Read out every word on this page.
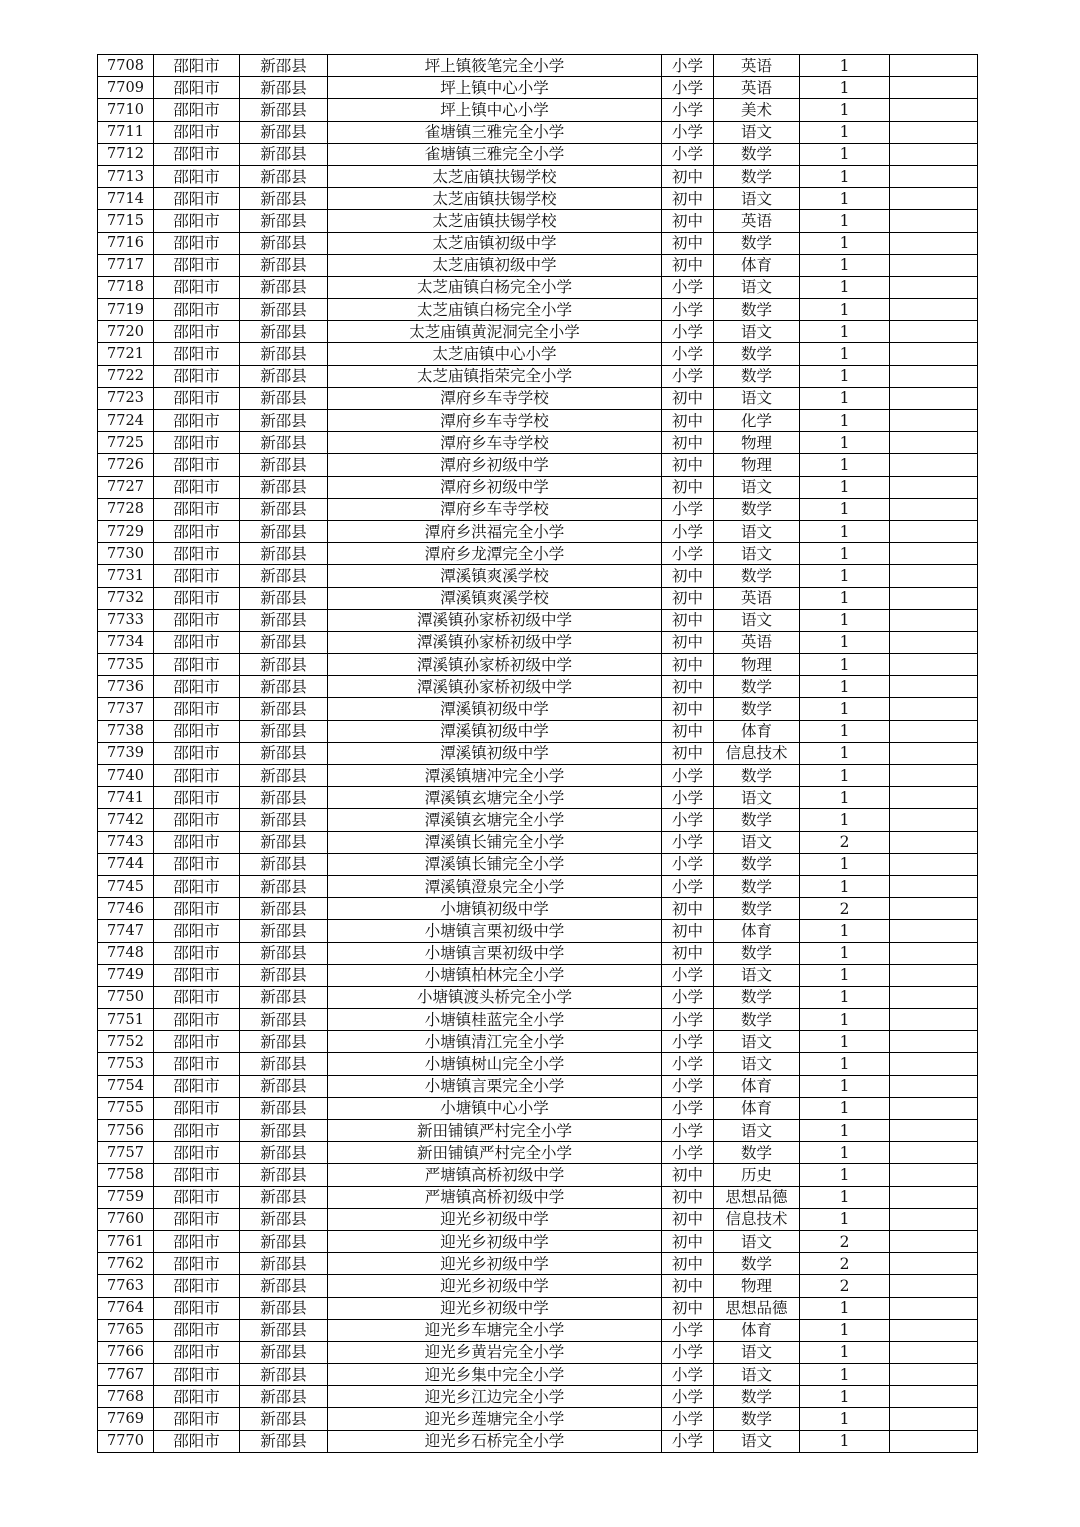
7708	邵阳市	新邵县	坪上镇筱笔完全小学	小学	英语	1	
7709	邵阳市	新邵县	坪上镇中心小学	小学	英语	1	
7710	邵阳市	新邵县	坪上镇中心小学	小学	美术	1	
7711	邵阳市	新邵县	雀塘镇三雅完全小学	小学	语文	1	
7712	邵阳市	新邵县	雀塘镇三雅完全小学	小学	数学	1	
7713	邵阳市	新邵县	太芝庙镇扶锡学校	初中	数学	1	
7714	邵阳市	新邵县	太芝庙镇扶锡学校	初中	语文	1	
7715	邵阳市	新邵县	太芝庙镇扶锡学校	初中	英语	1	
7716	邵阳市	新邵县	太芝庙镇初级中学	初中	数学	1	
7717	邵阳市	新邵县	太芝庙镇初级中学	初中	体育	1	
7718	邵阳市	新邵县	太芝庙镇白杨完全小学	小学	语文	1	
7719	邵阳市	新邵县	太芝庙镇白杨完全小学	小学	数学	1	
7720	邵阳市	新邵县	太芝庙镇黄泥洞完全小学	小学	语文	1	
7721	邵阳市	新邵县	太芝庙镇中心小学	小学	数学	1	
7722	邵阳市	新邵县	太芝庙镇指荣完全小学	小学	数学	1	
7723	邵阳市	新邵县	潭府乡车寺学校	初中	语文	1	
7724	邵阳市	新邵县	潭府乡车寺学校	初中	化学	1	
7725	邵阳市	新邵县	潭府乡车寺学校	初中	物理	1	
7726	邵阳市	新邵县	潭府乡初级中学	初中	物理	1	
7727	邵阳市	新邵县	潭府乡初级中学	初中	语文	1	
7728	邵阳市	新邵县	潭府乡车寺学校	小学	数学	1	
7729	邵阳市	新邵县	潭府乡洪福完全小学	小学	语文	1	
7730	邵阳市	新邵县	潭府乡龙潭完全小学	小学	语文	1	
7731	邵阳市	新邵县	潭溪镇爽溪学校	初中	数学	1	
7732	邵阳市	新邵县	潭溪镇爽溪学校	初中	英语	1	
7733	邵阳市	新邵县	潭溪镇孙家桥初级中学	初中	语文	1	
7734	邵阳市	新邵县	潭溪镇孙家桥初级中学	初中	英语	1	
7735	邵阳市	新邵县	潭溪镇孙家桥初级中学	初中	物理	1	
7736	邵阳市	新邵县	潭溪镇孙家桥初级中学	初中	数学	1	
7737	邵阳市	新邵县	潭溪镇初级中学	初中	数学	1	
7738	邵阳市	新邵县	潭溪镇初级中学	初中	体育	1	
7739	邵阳市	新邵县	潭溪镇初级中学	初中	信息技术	1	
7740	邵阳市	新邵县	潭溪镇塘冲完全小学	小学	数学	1	
7741	邵阳市	新邵县	潭溪镇玄塘完全小学	小学	语文	1	
7742	邵阳市	新邵县	潭溪镇玄塘完全小学	小学	数学	1	
7743	邵阳市	新邵县	潭溪镇长铺完全小学	小学	语文	2	
7744	邵阳市	新邵县	潭溪镇长铺完全小学	小学	数学	1	
7745	邵阳市	新邵县	潭溪镇澄泉完全小学	小学	数学	1	
7746	邵阳市	新邵县	小塘镇初级中学	初中	数学	2	
7747	邵阳市	新邵县	小塘镇言栗初级中学	初中	体育	1	
7748	邵阳市	新邵县	小塘镇言栗初级中学	初中	数学	1	
7749	邵阳市	新邵县	小塘镇柏林完全小学	小学	语文	1	
7750	邵阳市	新邵县	小塘镇渡头桥完全小学	小学	数学	1	
7751	邵阳市	新邵县	小塘镇桂蓝完全小学	小学	数学	1	
7752	邵阳市	新邵县	小塘镇清江完全小学	小学	语文	1	
7753	邵阳市	新邵县	小塘镇树山完全小学	小学	语文	1	
7754	邵阳市	新邵县	小塘镇言栗完全小学	小学	体育	1	
7755	邵阳市	新邵县	小塘镇中心小学	小学	体育	1	
7756	邵阳市	新邵县	新田铺镇严村完全小学	小学	语文	1	
7757	邵阳市	新邵县	新田铺镇严村完全小学	小学	数学	1	
7758	邵阳市	新邵县	严塘镇高桥初级中学	初中	历史	1	
7759	邵阳市	新邵县	严塘镇高桥初级中学	初中	思想品德	1	
7760	邵阳市	新邵县	迎光乡初级中学	初中	信息技术	1	
7761	邵阳市	新邵县	迎光乡初级中学	初中	语文	2	
7762	邵阳市	新邵县	迎光乡初级中学	初中	数学	2	
7763	邵阳市	新邵县	迎光乡初级中学	初中	物理	2	
7764	邵阳市	新邵县	迎光乡初级中学	初中	思想品德	1	
7765	邵阳市	新邵县	迎光乡车塘完全小学	小学	体育	1	
7766	邵阳市	新邵县	迎光乡黄岩完全小学	小学	语文	1	
7767	邵阳市	新邵县	迎光乡集中完全小学	小学	语文	1	
7768	邵阳市	新邵县	迎光乡江边完全小学	小学	数学	1	
7769	邵阳市	新邵县	迎光乡莲塘完全小学	小学	数学	1	
7770	邵阳市	新邵县	迎光乡石桥完全小学	小学	语文	1	
